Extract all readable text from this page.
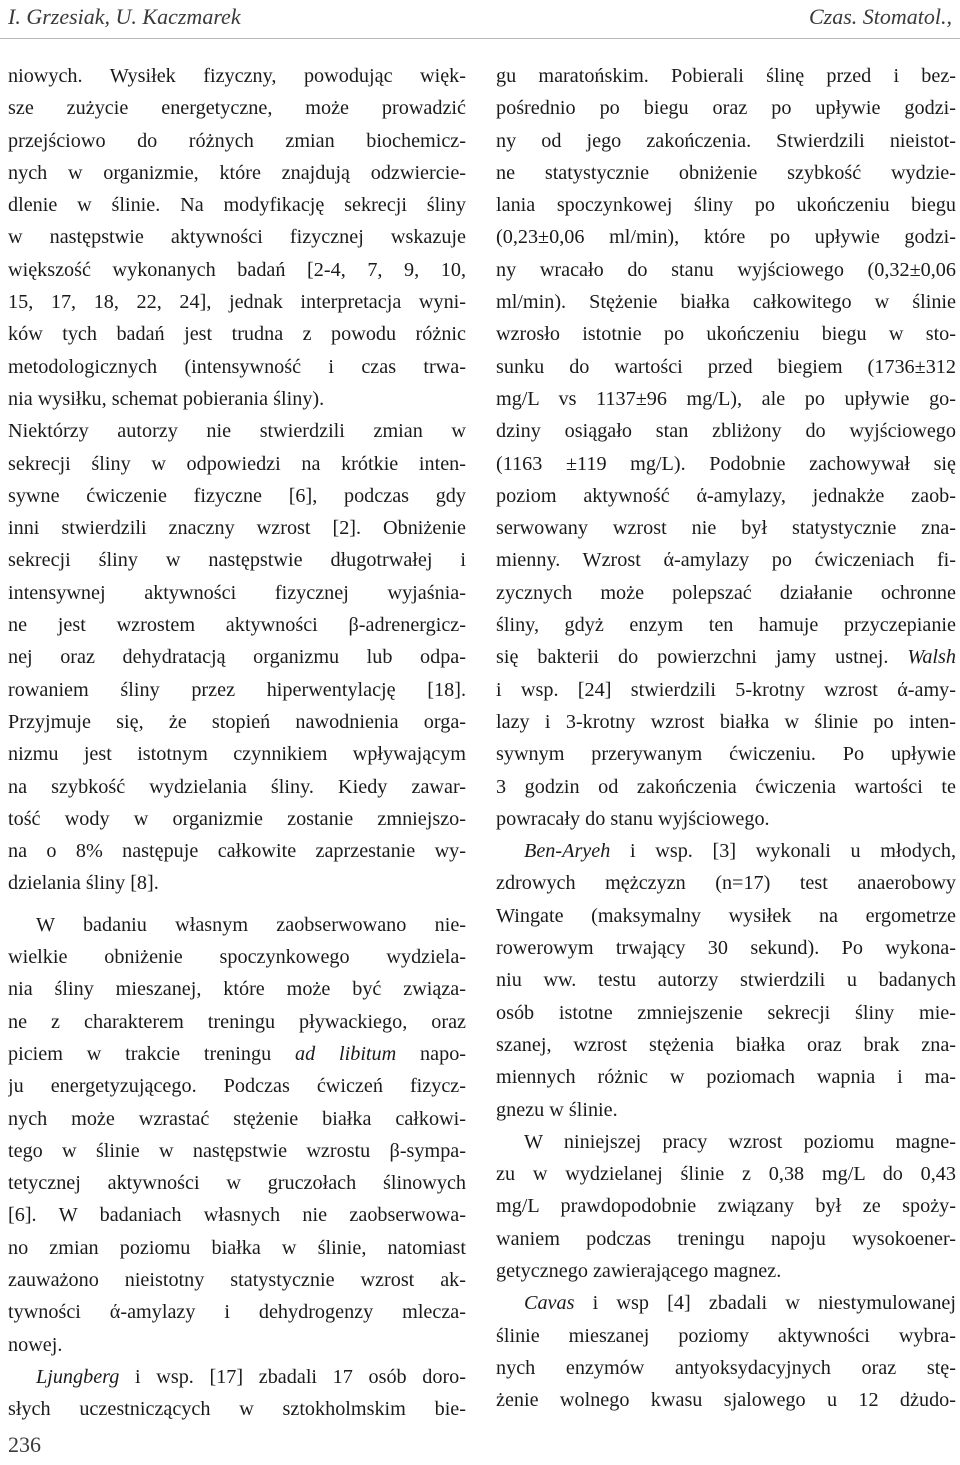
I. Grzesiak, U. Kaczmarek	Czas. Stomatol.,
niowych. Wysiłek fizyczny, powodując więk-
sze zużycie energetyczne, może prowadzić
przejściowo do różnych zmian biochemicz-
nych w organizmie, które znajdują odzwiercie-
dlenie w ślinie. Na modyfikację sekrecji śliny
w następstwie aktywności fizycznej wskazuje
większość wykonanych badań [2-4, 7, 9, 10,
15, 17, 18, 22, 24], jednak interpretacja wyni-
ków tych badań jest trudna z powodu różnic
metodologicznych (intensywność i czas trwa-
nia wysiłku, schemat pobierania śliny).
Niektórzy autorzy nie stwierdzili zmian w
sekrecji śliny w odpowiedzi na krótkie inten-
sywne ćwiczenie fizyczne [6], podczas gdy
inni stwierdzili znaczny wzrost [2]. Obniżenie
sekrecji śliny w następstwie długotrwałej i
intensywnej aktywności fizycznej wyjaśnia-
ne jest wzrostem aktywności β-adrenergicz-
nej oraz dehydratacją organizmu lub odpa-
rowaniem śliny przez hiperwentylację [18].
Przyjmuje się, że stopień nawodnienia orga-
nizmu jest istotnym czynnikiem wpływającym
na szybkość wydzielania śliny. Kiedy zawar-
tość wody w organizmie zostanie zmniejszo-
na o 8% następuje całkowite zaprzestanie wy-
dzielania śliny [8].
W badaniu własnym zaobserwowano nie-
wielkie obniżenie spoczynkowego wydziela-
nia śliny mieszanej, które może być związa-
ne z charakterem treningu pływackiego, oraz
piciem w trakcie treningu ad libitum napo-
ju energetyzującego. Podczas ćwiczeń fizycz-
nych może wzrastać stężenie białka całkowi-
tego w ślinie w następstwie wzrostu β-sympa-
tetycznej aktywności w gruczołach ślinowych
[6]. W badaniach własnych nie zaobserwowa-
no zmian poziomu białka w ślinie, natomiast
zauważono nieistotny statystycznie wzrost ak-
tywności ά-amylazy i dehydrogenzy mlecza-
nowej.
Ljungberg i wsp. [17] zbadali 17 osób doro-
słych uczestniczących w sztokholmskim bie-
gu maratońskim. Pobierali ślinę przed i bez-
pośrednio po biegu oraz po upływie godzi-
ny od jego zakończenia. Stwierdzili nieistot-
ne statystycznie obniżenie szybkość wydzie-
lania spoczynkowej śliny po ukończeniu biegu
(0,23±0,06 ml/min), które po upływie godzi-
ny wracało do stanu wyjściowego (0,32±0,06
ml/min). Stężenie białka całkowitego w ślinie
wzrosło istotnie po ukończeniu biegu w sto-
sunku do wartości przed biegiem (1736±312
mg/L vs 1137±96 mg/L), ale po upływie go-
dziny osiągało stan zbliżony do wyjściowego
(1163 ±119 mg/L). Podobnie zachowywał się
poziom aktywność ά-amylazy, jednakże zaob-
serwowany wzrost nie był statystycznie zna-
mienny. Wzrost ά-amylazy po ćwiczeniach fi-
zycznych może polepszać działanie ochronne
śliny, gdyż enzym ten hamuje przyczepianie
się bakterii do powierzchni jamy ustnej. Walsh
i wsp. [24] stwierdzili 5-krotny wzrost ά-amy-
lazy i 3-krotny wzrost białka w ślinie po inten-
sywnym przerywanym ćwiczeniu. Po upływie
3 godzin od zakończenia ćwiczenia wartości te
powracały do stanu wyjściowego.
Ben-Aryeh i wsp. [3] wykonali u młodych,
zdrowych mężczyzn (n=17) test anaerobowy
Wingate (maksymalny wysiłek na ergometrze
rowerowym trwający 30 sekund). Po wykona-
niu ww. testu autorzy stwierdzili u badanych
osób istotne zmniejszenie sekrecji śliny mie-
szanej, wzrost stężenia białka oraz brak zna-
miennych różnic w poziomach wapnia i ma-
gnezu w ślinie.
W niniejszej pracy wzrost poziomu magne-
zu w wydzielanej ślinie z 0,38 mg/L do 0,43
mg/L prawdopodobnie związany był ze spoży-
waniem podczas treningu napoju wysokoener-
getycznego zawierającego magnez.
Cavas i wsp [4] zbadali w niestymulowanej
ślinie mieszanej poziomy aktywności wybra-
nych enzymów antyoksydacyjnych oraz stę-
żenie wolnego kwasu sjalowego u 12 dżudo-
236
